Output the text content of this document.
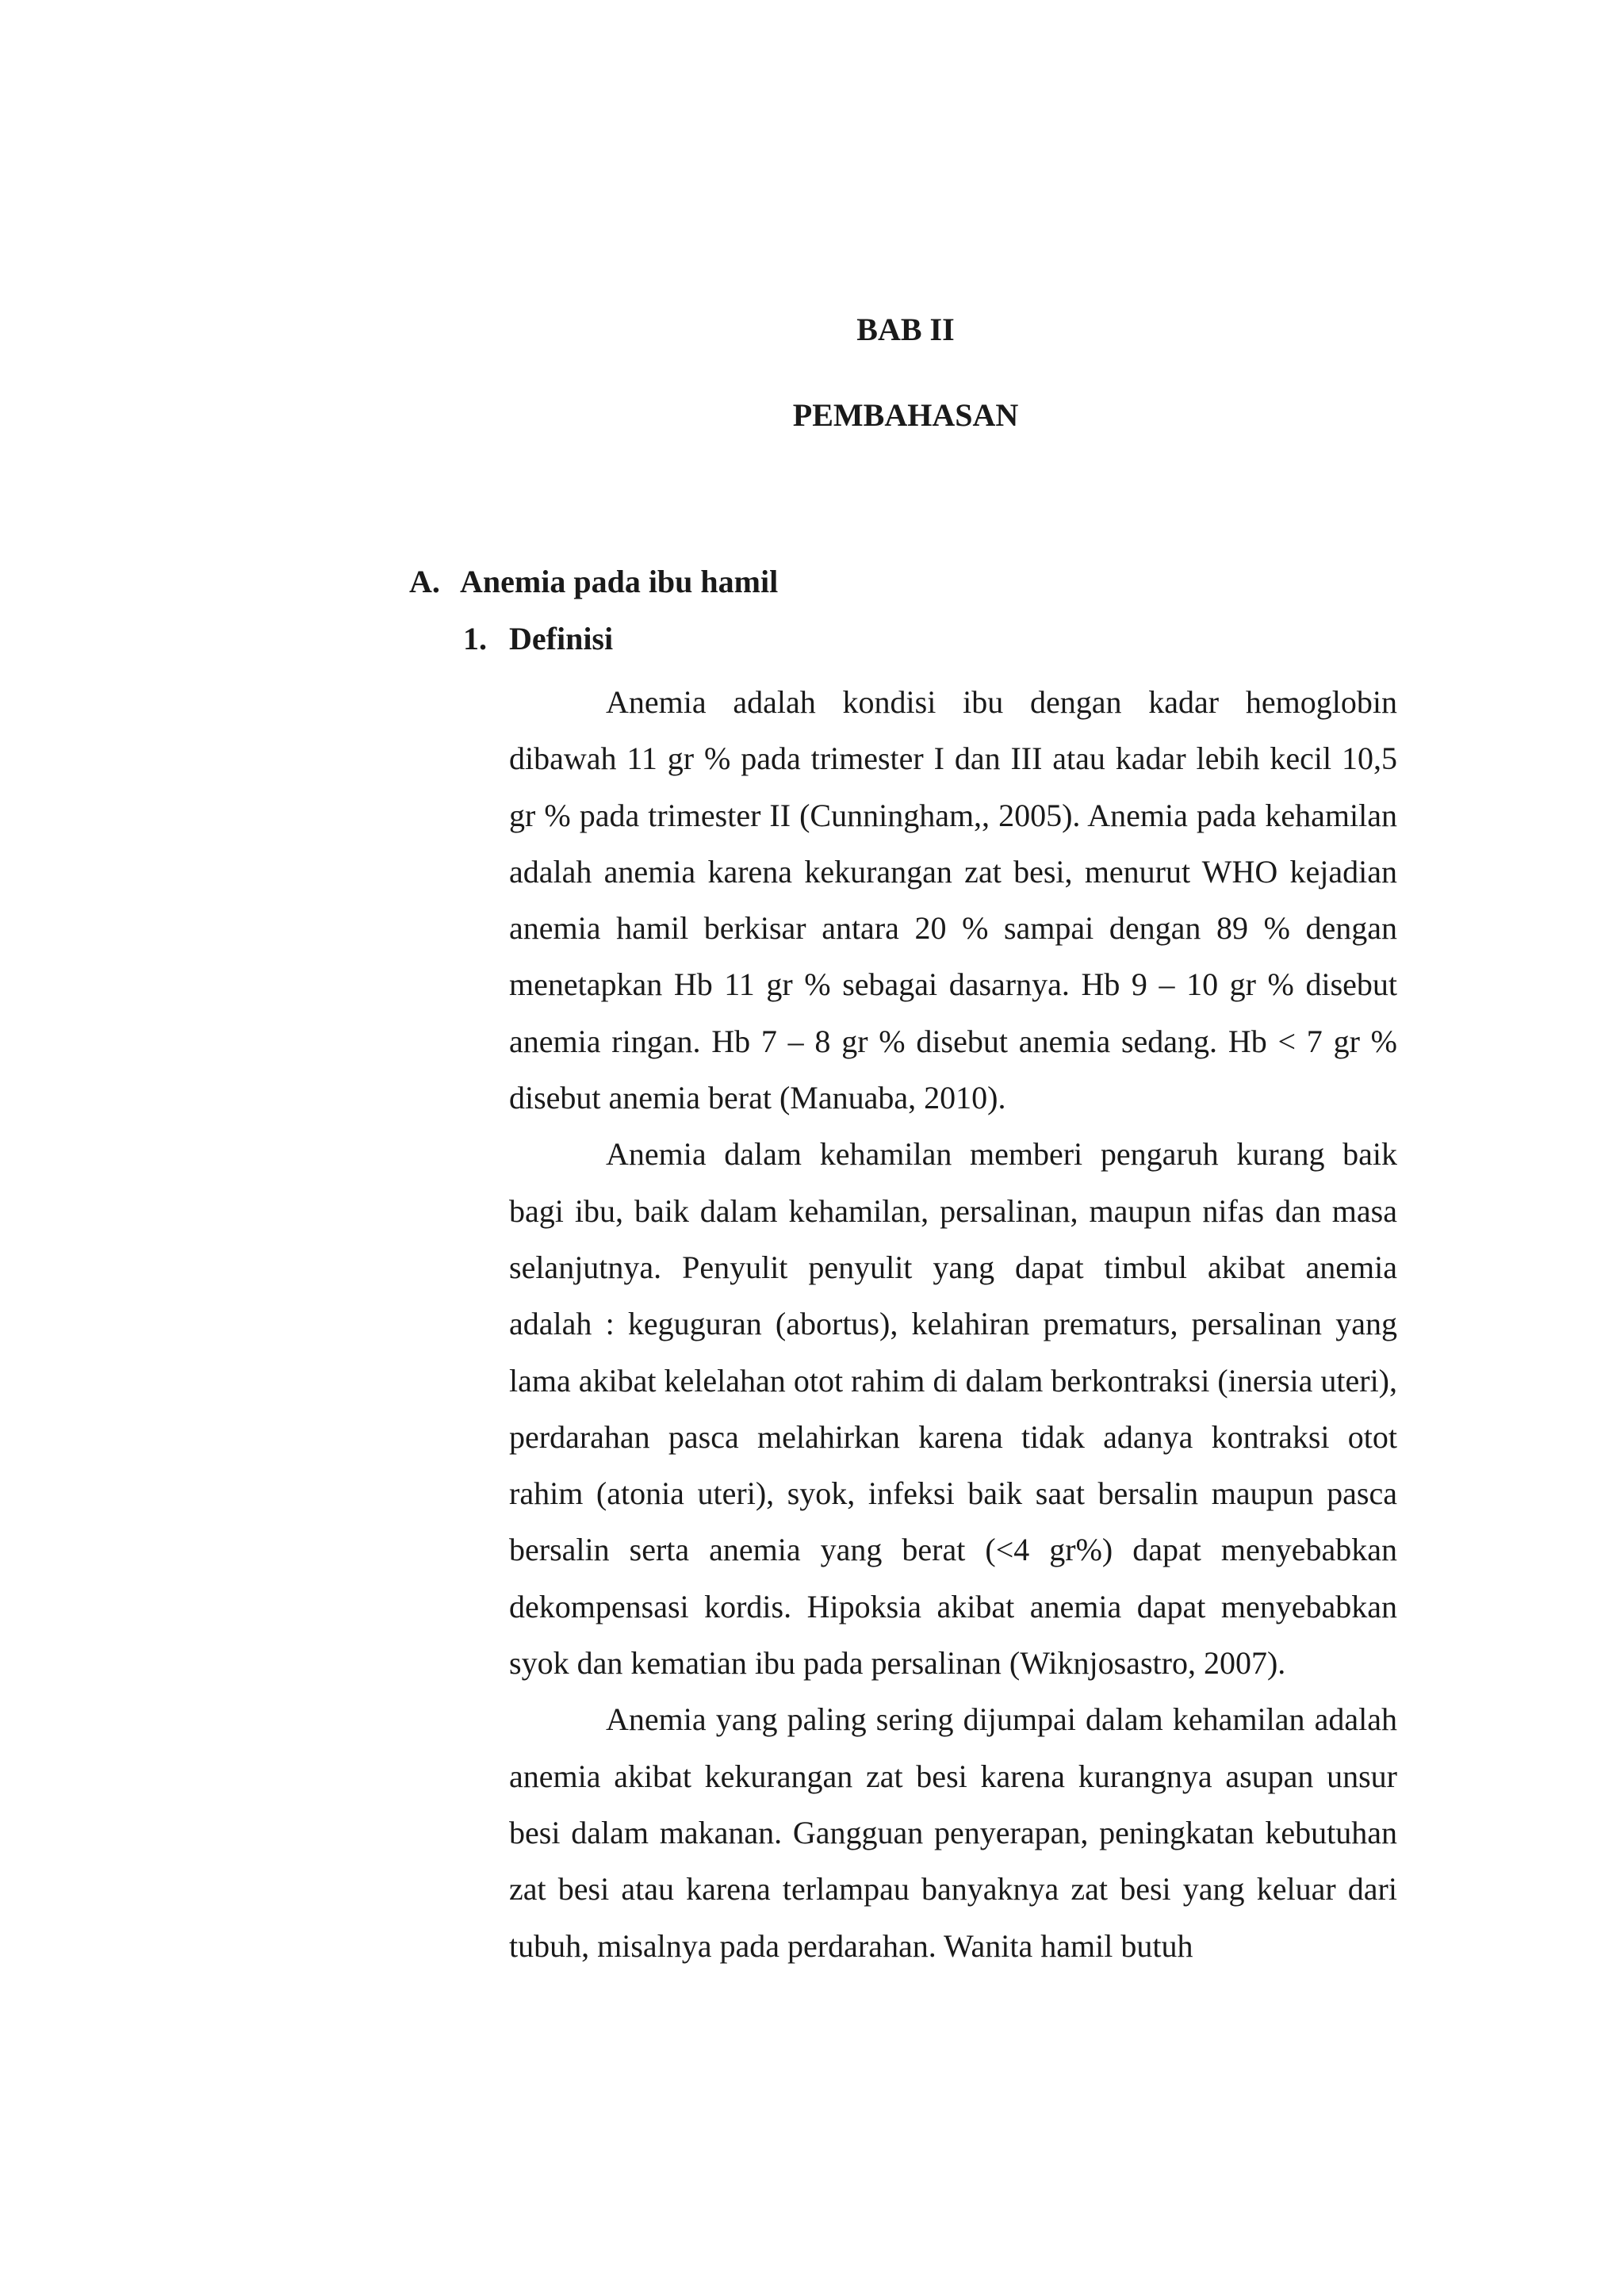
BAB II
PEMBAHASAN
A. Anemia pada ibu hamil
1. Definisi

Anemia adalah kondisi ibu dengan kadar hemoglobin dibawah 11 gr % pada trimester I dan III atau kadar lebih kecil 10,5 gr % pada trimester II (Cunningham,, 2005). Anemia pada kehamilan adalah anemia karena kekurangan zat besi, menurut WHO kejadian anemia hamil berkisar antara 20 % sampai dengan 89 % dengan menetapkan Hb 11 gr % sebagai dasarnya. Hb 9 – 10 gr % disebut anemia ringan. Hb 7 – 8 gr % disebut anemia sedang. Hb < 7 gr % disebut anemia berat (Manuaba, 2010).

Anemia dalam kehamilan memberi pengaruh kurang baik bagi ibu, baik dalam kehamilan, persalinan, maupun nifas dan masa selanjutnya. Penyulit penyulit yang dapat timbul akibat anemia adalah : keguguran (abortus), kelahiran prematurs, persalinan yang lama akibat kelelahan otot rahim di dalam berkontraksi (inersia uteri), perdarahan pasca melahirkan karena tidak adanya kontraksi otot rahim (atonia uteri), syok, infeksi baik saat bersalin maupun pasca bersalin serta anemia yang berat (<4 gr%) dapat menyebabkan dekompensasi kordis. Hipoksia akibat anemia dapat menyebabkan syok dan kematian ibu pada persalinan (Wiknjosastro, 2007).

Anemia yang paling sering dijumpai dalam kehamilan adalah anemia akibat kekurangan zat besi karena kurangnya asupan unsur besi dalam makanan. Gangguan penyerapan, peningkatan kebutuhan zat besi atau karena terlampau banyaknya zat besi yang keluar dari tubuh, misalnya pada perdarahan. Wanita hamil butuh
